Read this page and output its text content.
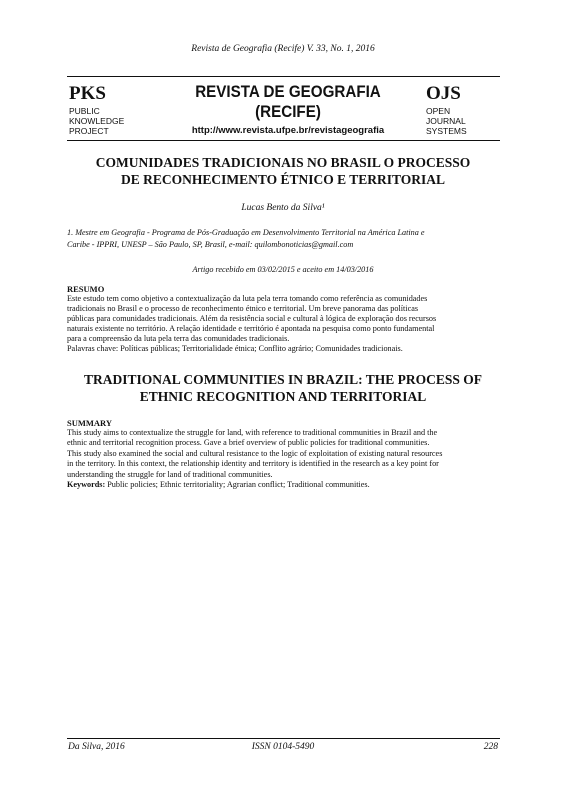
Revista de Geografia (Recife) V. 33, No. 1, 2016
PKS

PUBLIC

KNOWLEDGE

PROJECT

REVISTA DE GEOGRAFIA

(RECIFE)

http://www.revista.ufpe.br/revistageografia
OJS

OPEN

JOURNAL

SYSTEMS

COMUNIDADES TRADICIONAIS NO BRASIL O PROCESSO

DE RECONHECIMENTO ÉTNICO E TERRITORIAL

Lucas Bento da Silva¹

1. Mestre em Geografia - Programa de Pós-Graduação em Desenvolvimento Territorial na América Latina e

Caribe - IPPRI, UNESP – São Paulo, SP, Brasil, e-mail: quilombonoticias@gmail.com

Artigo recebido em 03/02/2015 e aceito em 14/03/2016

RESUMO

Este estudo tem como objetivo a contextualização da luta pela terra tomando como referência as comunidades

tradicionais no Brasil e o processo de reconhecimento étnico e territorial. Um breve panorama das políticas

públicas para comunidades tradicionais. Além da resistência social e cultural à lógica de exploração dos recursos

naturais existente no território. A relação identidade e território é apontada na pesquisa como ponto fundamental

para a compreensão da luta pela terra das comunidades tradicionais.

Palavras chave: Políticas públicas; Territorialidade étnica; Conflito agrário; Comunidades tradicionais.

TRADITIONAL COMMUNITIES IN BRAZIL: THE PROCESS OF

ETHNIC RECOGNITION AND TERRITORIAL

SUMMARY

This study aims to contextualize the struggle for land, with reference to traditional communities in Brazil and the

ethnic and territorial recognition process. Gave a brief overview of public policies for traditional communities.

This study also examined the social and cultural resistance to the logic of exploitation of existing natural resources

in the territory. In this context, the relationship identity and territory is identified in the research as a key point for

understanding the struggle for land of traditional communities.

Keywords: Public policies; Ethnic territoriality; Agrarian conflict; Traditional communities.

Da Silva, 2016	ISSN 0104-5490	228
